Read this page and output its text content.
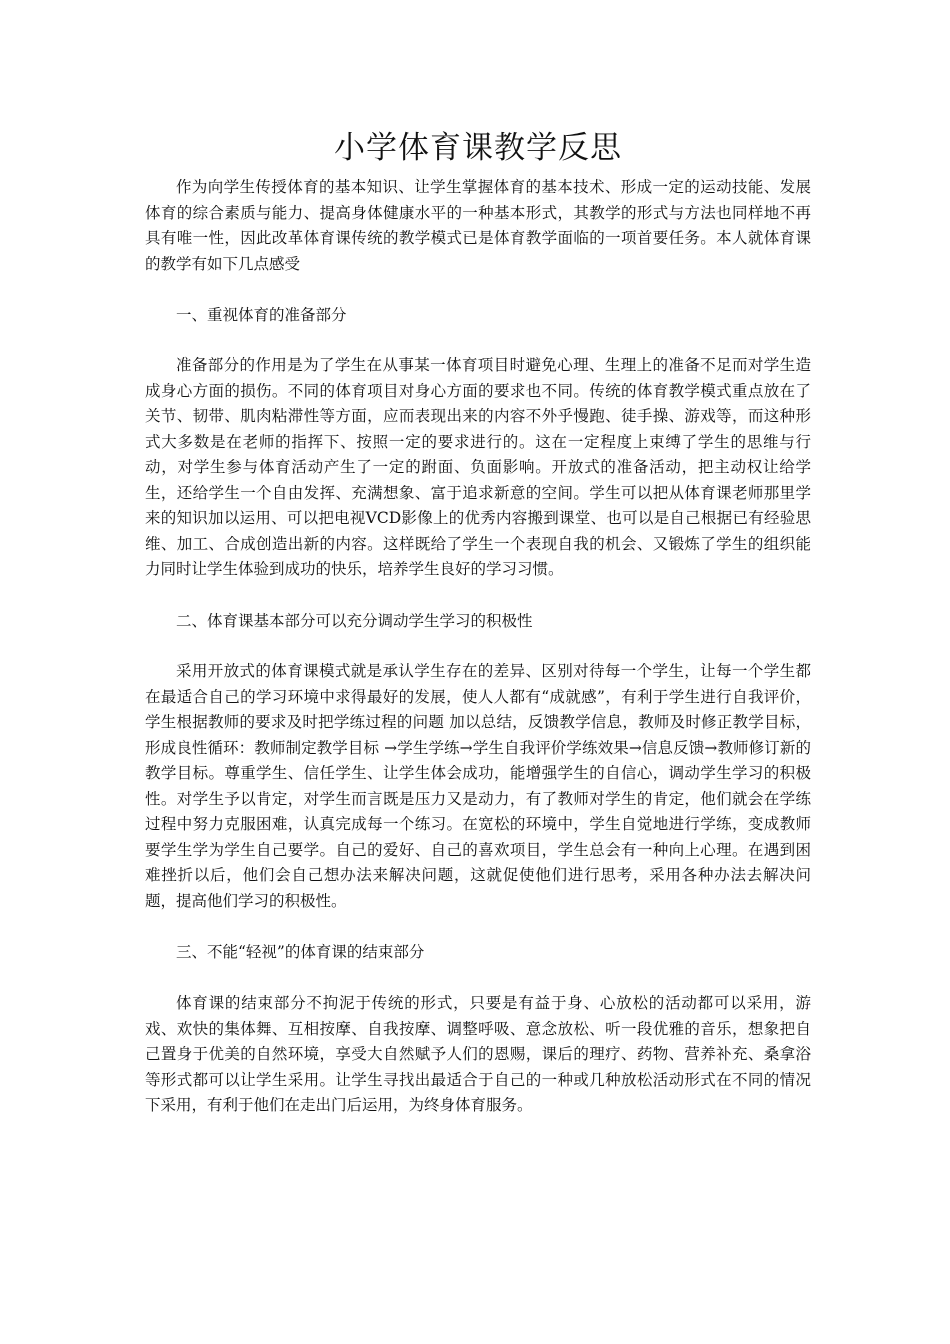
小学体育课教学反思

作为向学生传授体育的基本知识、让学生掌握体育的基本技术、形成一定的运动技能、发展体育的综合素质与能力、提高身体健康水平的一种基本形式，其教学的形式与方法也同样地不再具有唯一性，因此改革体育课传统的教学模式已是体育教学面临的一项首要任务。本人就体育课的教学有如下几点感受

一、重视体育的准备部分

准备部分的作用是为了学生在从事某一体育项目时避免心理、生理上的准备不足而对学生造成身心方面的损伤。不同的体育项目对身心方面的要求也不同。传统的体育教学模式重点放在了关节、韧带、肌肉粘滞性等方面，应而表现出来的内容不外乎慢跑、徒手操、游戏等，而这种形式大多数是在老师的指挥下、按照一定的要求进行的。这在一定程度上束缚了学生的思维与行动，对学生参与体育活动产生了一定的跗面、负面影响。开放式的准备活动，把主动权让给学生，还给学生一个自由发挥、充满想象、富于追求新意的空间。学生可以把从体育课老师那里学来的知识加以运用、可以把电视VCD影像上的优秀内容搬到课堂、也可以是自己根据已有经验思维、加工、合成创造出新的内容。这样既给了学生一个表现自我的机会、又锻炼了学生的组织能力同时让学生体验到成功的快乐，培养学生良好的学习习惯。

二、体育课基本部分可以充分调动学生学习的积极性

采用开放式的体育课模式就是承认学生存在的差异、区别对待每一个学生，让每一个学生都在最适合自己的学习环境中求得最好的发展，使人人都有“成就感”，有利于学生进行自我评价，学生根据教师的要求及时把学练过程的问题 加以总结，反馈教学信息，教师及时修正教学目标，形成良性循环：教师制定教学目标 →学生学练→学生自我评价学练效果→信息反馈→教师修订新的教学目标。尊重学生、信任学生、让学生体会成功，能增强学生的自信心，调动学生学习的积极性。对学生予以肯定，对学生而言既是压力又是动力，有了教师对学生的肯定，他们就会在学练过程中努力克服困难，认真完成每一个练习。在宽松的环境中，学生自觉地进行学练，变成教师要学生学为学生自己要学。自己的爱好、自己的喜欢项目，学生总会有一种向上心理。在遇到困难挫折以后，他们会自己想办法来解决问题，这就促使他们进行思考，采用各种办法去解决问题，提高他们学习的积极性。

三、不能“轻视”的体育课的结束部分

体育课的结束部分不拘泥于传统的形式，只要是有益于身、心放松的活动都可以采用，游戏、欢快的集体舞、互相按摩、自我按摩、调整呼吸、意念放松、听一段优雅的音乐，想象把自己置身于优美的自然环境，享受大自然赋予人们的恩赐，课后的理疗、药物、营养补充、桑拿浴等形式都可以让学生采用。让学生寻找出最适合于自己的一种或几种放松活动形式在不同的情况下采用，有利于他们在走出门后运用，为终身体育服务。
